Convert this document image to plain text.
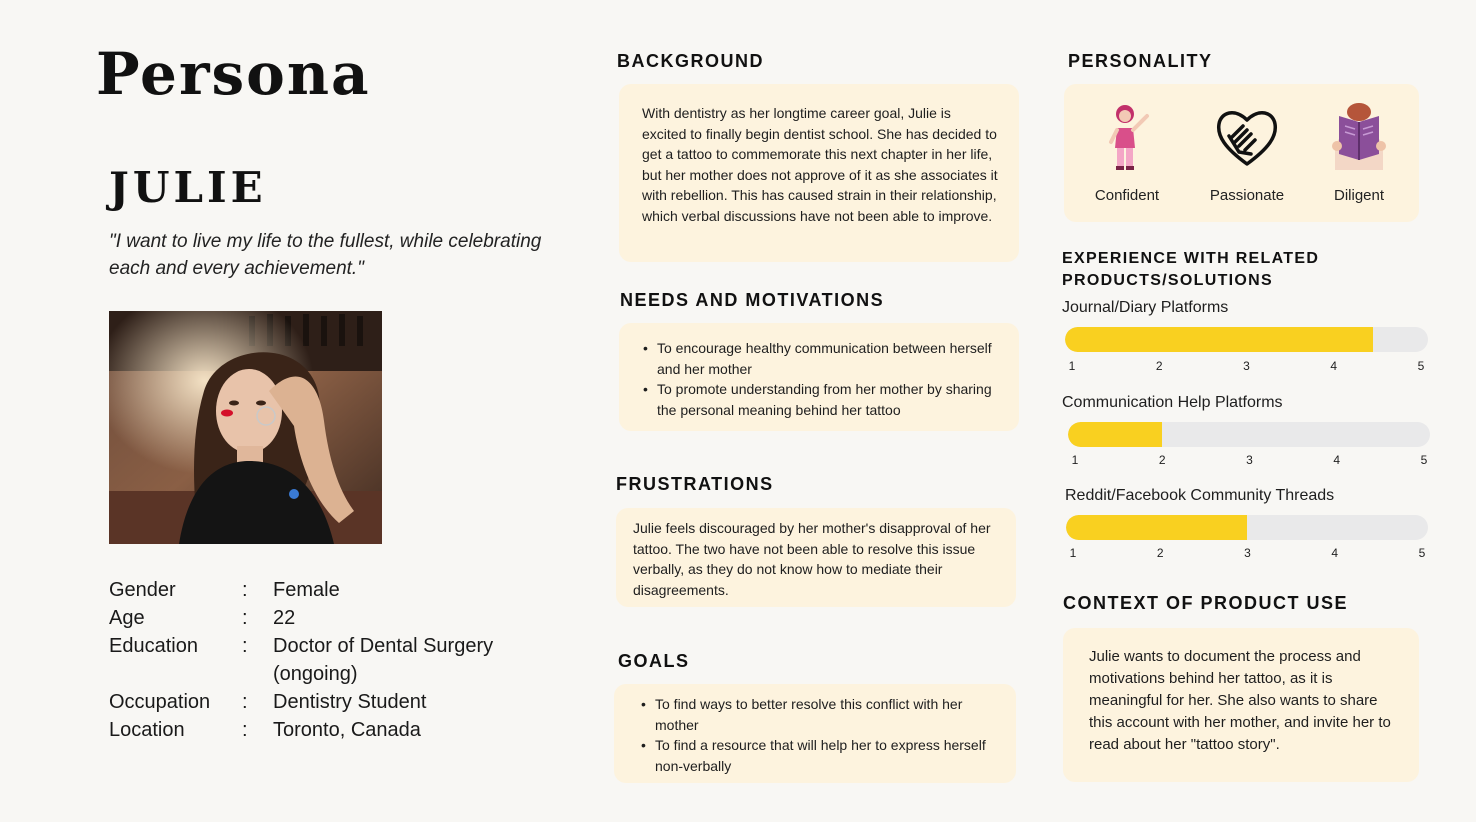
Persona
JULIE
"I want to live my life to the fullest, while celebrating each and every achievement."
Gender	:	Female
Age	:	22
Education	:	Doctor of Dental Surgery (ongoing)
Occupation	:	Dentistry Student
Location	:	Toronto, Canada
BACKGROUND

With dentistry as her longtime career goal, Julie is excited to finally begin dentist school. She has decided to get a tattoo to commemorate this next chapter in her life, but her mother does not approve of it as she associates it with rebellion. This has caused strain in their relationship, which verbal discussions have not been able to improve.

NEEDS AND MOTIVATIONS
• To encourage healthy communication between herself and her mother
• To promote understanding from her mother by sharing the personal meaning behind her tattoo
FRUSTRATIONS

Julie feels discouraged by her mother's disapproval of her tattoo. The two have not been able to resolve this issue verbally, as they do not know how to mediate their disagreements.

GOALS
• To find ways to better resolve this conflict with her mother
• To find a resource that will help her to express herself non-verbally
PERSONALITY
Confident	Passionate	Diligent
EXPERIENCE WITH RELATED PRODUCTS/SOLUTIONS
Journal/Diary Platforms
1	2	3	4	5
Communication Help Platforms
1	2	3	4	5
Reddit/Facebook Community Threads
1	2	3	4	5
CONTEXT OF PRODUCT USE

Julie wants to document the process and motivations behind her tattoo, as it is meaningful for her. She also wants to share this account with her mother, and invite her to read about her "tattoo story".
